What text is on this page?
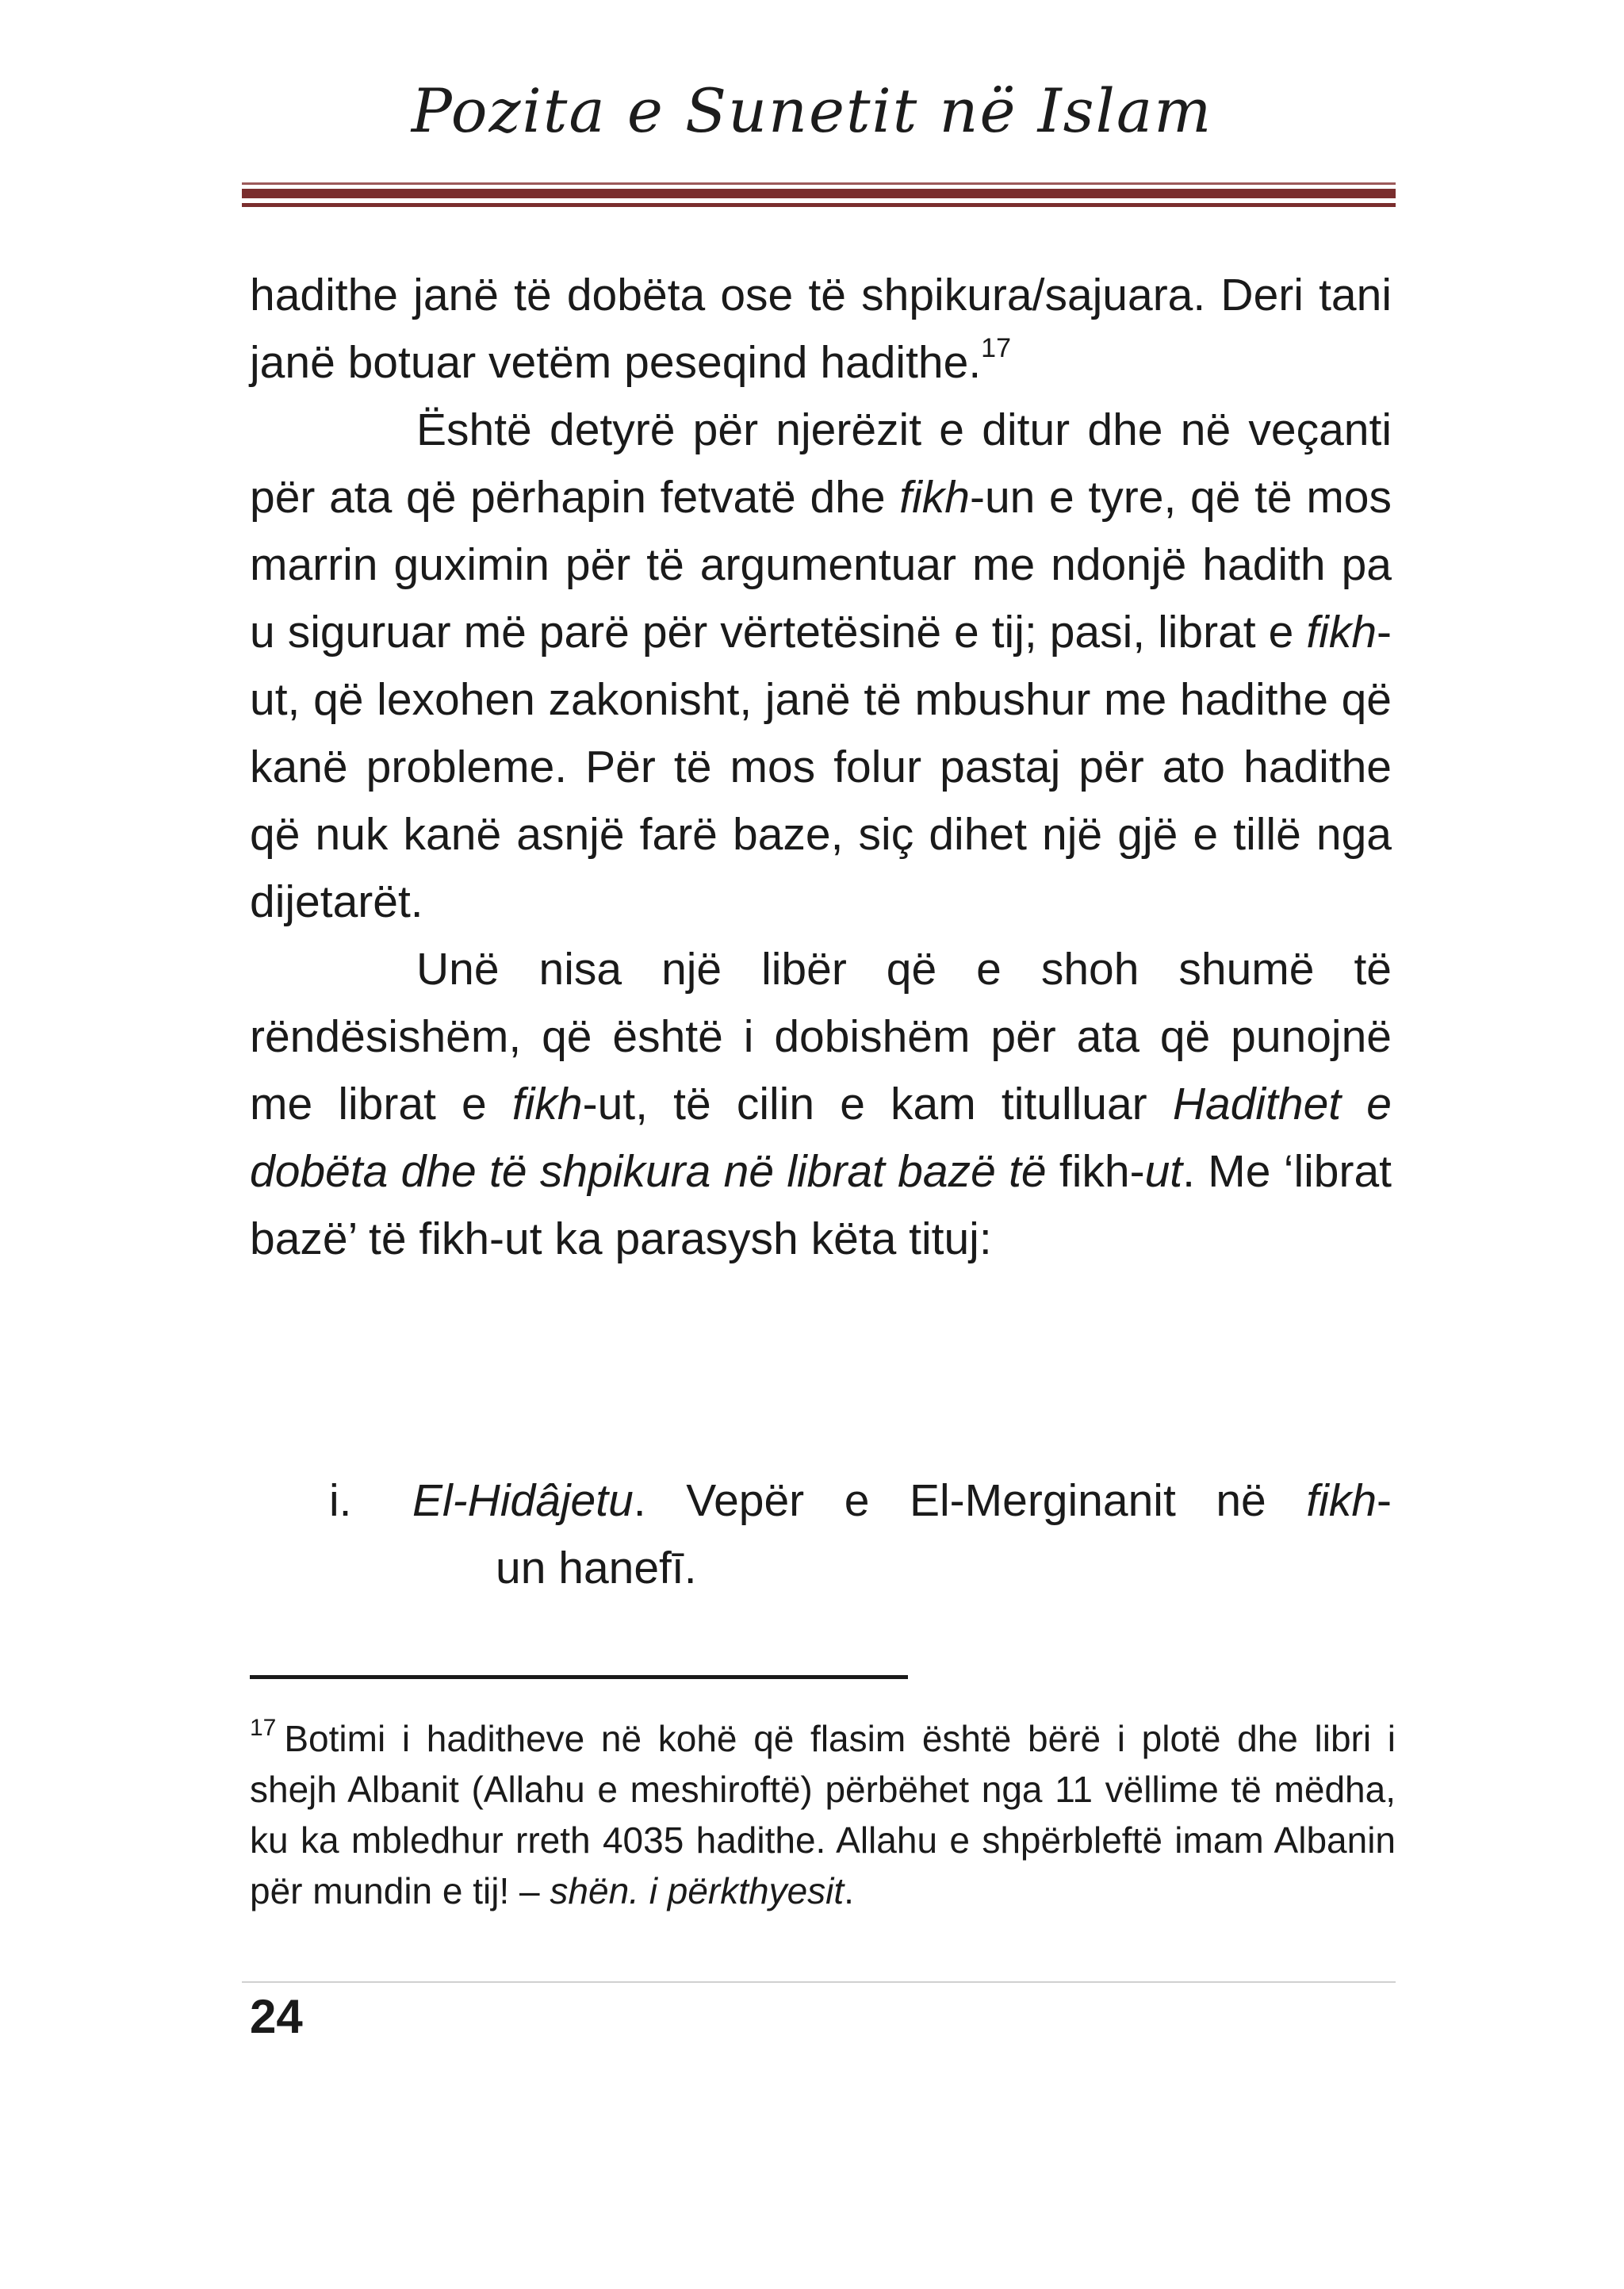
Pozita e Sunetit në Islam

hadithe janë të dobëta ose të shpikura/sajuara. Deri tani janë botuar vetëm peseqind hadithe.$^{17}$

Është detyrë për njerëzit e ditur dhe në veçanti për ata që përhapin fetvatë dhe fikh-un e tyre, që të mos marrin guximin për të argumentuar me ndonjë hadith pa u siguruar më parë për vërtetësinë e tij; pasi, librat e fikh-ut, që lexohen zakonisht, janë të mbushur me hadithe që kanë probleme. Për të mos folur pastaj për ato hadithe që nuk kanë asnjë farë baze, siç dihet një gjë e tillë nga dijetarët.

Unë nisa një libër që e shoh shumë të rëndësishëm, që është i dobishëm për ata që punojnë me librat e fikh-ut, të cilin e kam titulluar Hadithet e dobëta dhe të shpikura në librat bazë të fikh-ut. Me ‘librat bazë’ të fikh-ut ka parasysh këta tituj:

i. El-Hidâjetu. Vepër e El-Merginanit në fikh-
un hanefī.
$^{17}$ Botimi i haditheve në kohë që flasim është bërë i plotë dhe libri i shejh Albanit (Allahu e meshiroftë) përbëhet nga 11 vëllime të mëdha, ku ka mbledhur rreth 4035 hadithe. Allahu e shpërbleftë imam Albanin për mundin e tij! – shën. i përkthyesit.
24
